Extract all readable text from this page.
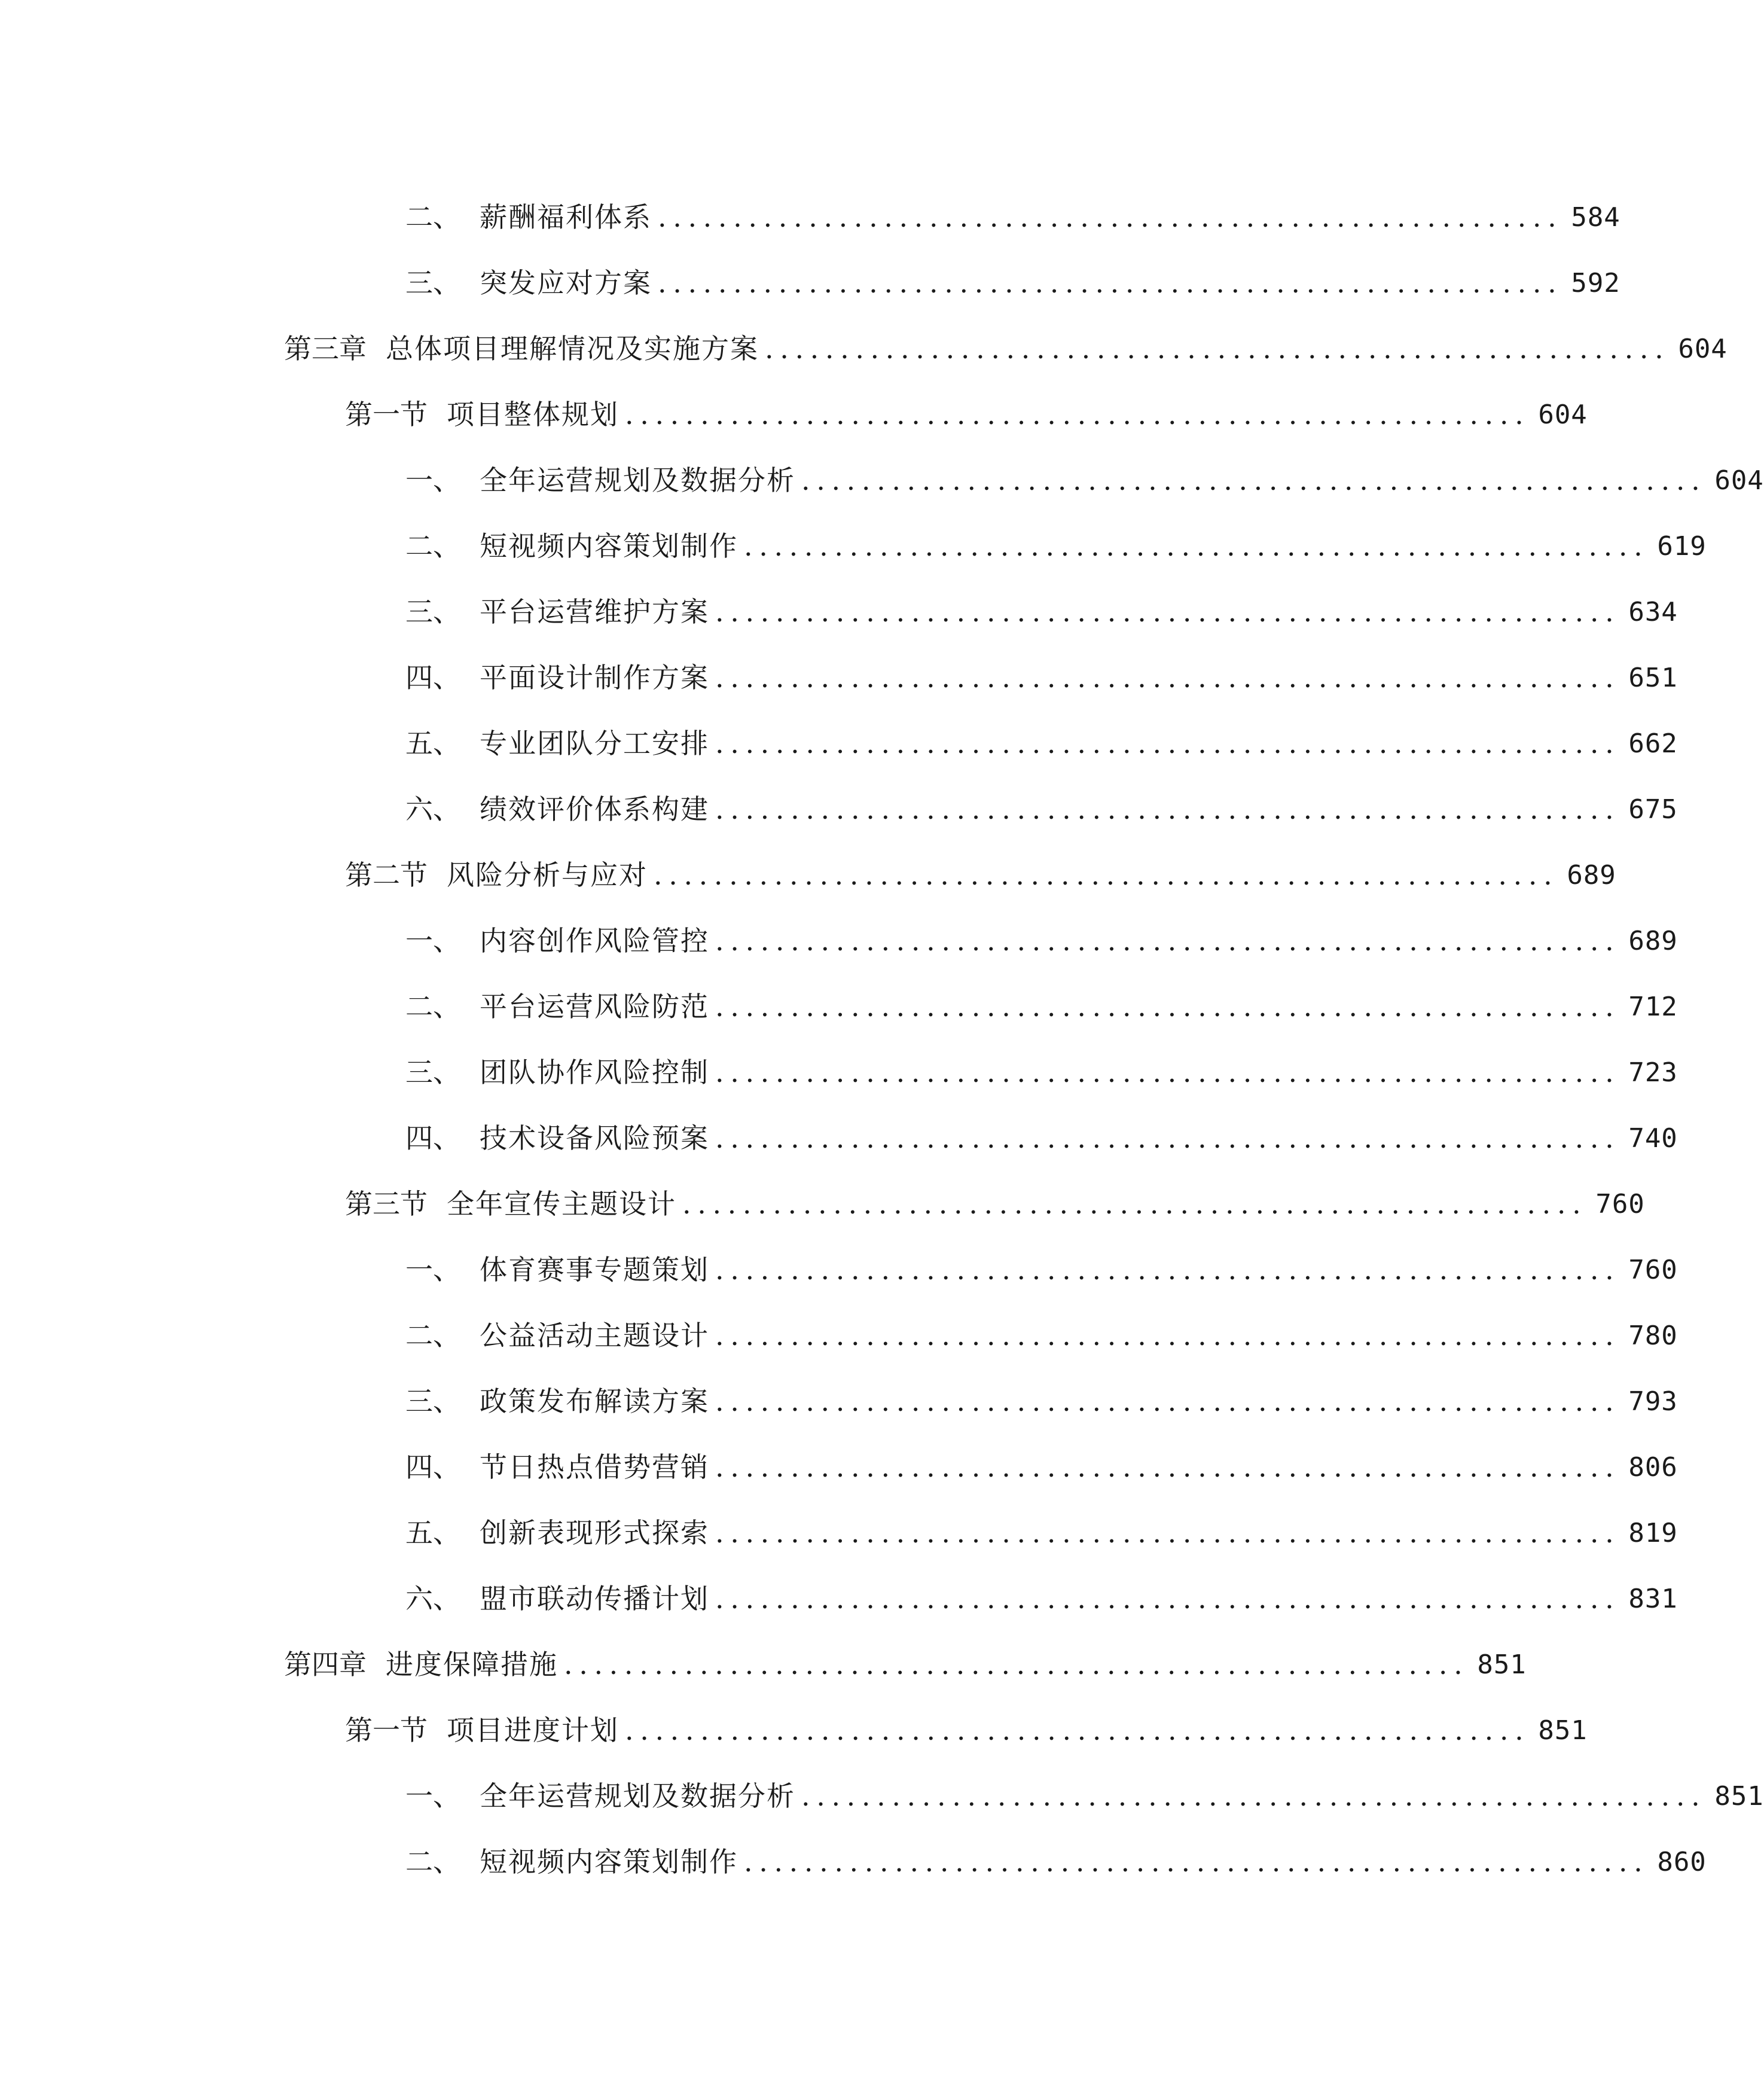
二、 薪酬福利体系 ............................................................ 584
三、 突发应对方案 ............................................................ 592
第三章 总体项目理解情况及实施方案 ............................................................ 604
第一节 项目整体规划 ............................................................ 604
一、 全年运营规划及数据分析 ............................................................ 604
二、 短视频内容策划制作 ............................................................ 619
三、 平台运营维护方案 ............................................................ 634
四、 平面设计制作方案 ............................................................ 651
五、 专业团队分工安排 ............................................................ 662
六、 绩效评价体系构建 ............................................................ 675
第二节 风险分析与应对 ............................................................ 689
一、 内容创作风险管控 ............................................................ 689
二、 平台运营风险防范 ............................................................ 712
三、 团队协作风险控制 ............................................................ 723
四、 技术设备风险预案 ............................................................ 740
第三节 全年宣传主题设计 ............................................................ 760
一、 体育赛事专题策划 ............................................................ 760
二、 公益活动主题设计 ............................................................ 780
三、 政策发布解读方案 ............................................................ 793
四、 节日热点借势营销 ............................................................ 806
五、 创新表现形式探索 ............................................................ 819
六、 盟市联动传播计划 ............................................................ 831
第四章 进度保障措施 ............................................................ 851
第一节 项目进度计划 ............................................................ 851
一、 全年运营规划及数据分析 ............................................................ 851
二、 短视频内容策划制作 ............................................................ 860
